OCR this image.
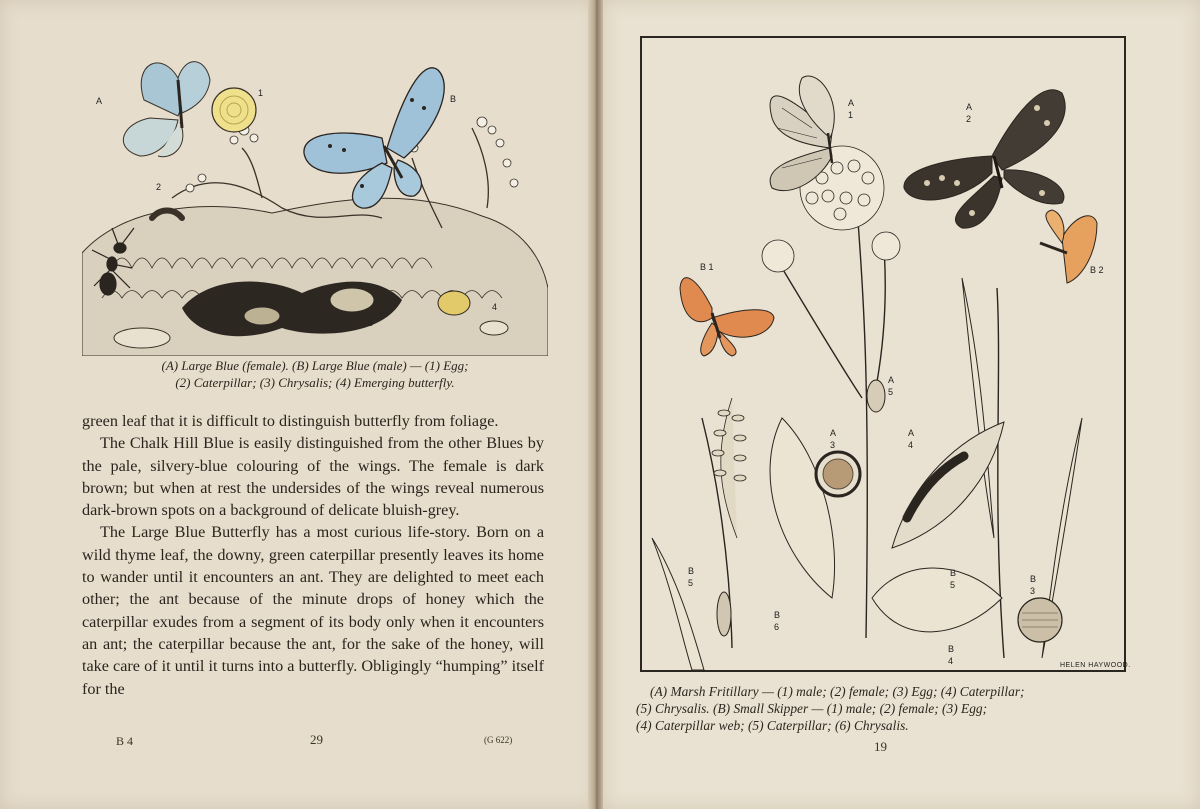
A
1
B
2
3
4
(A) Large Blue (female). (B) Large Blue (male) — (1) Egg;
(2) Caterpillar; (3) Chrysalis; (4) Emerging butterfly.

green leaf that it is difficult to distinguish butterfly from foliage.

The Chalk Hill Blue is easily distinguished from the other Blues by the pale, silvery-blue colouring of the wings. The female is dark brown; but when at rest the undersides of the wings reveal numerous dark-brown spots on a background of delicate bluish-grey.

The Large Blue Butterfly has a most curious life-story. Born on a wild thyme leaf, the downy, green caterpillar presently leaves its home to wander until it encounters an ant. They are delighted to meet each other; the ant because of the minute drops of honey which the caterpillar exudes from a segment of its body only when it encounters an ant; the caterpillar because the ant, for the sake of the honey, will take care of it until it turns into a butterfly. Obligingly “humping” itself for the

B 4	29	(G 622)
A
1
A
2
B 1	B 2
A
5
A
3
A
4
B
5
B
6
B
5
B
3
B
4	HELEN HAYWOOD.
(A) Marsh Fritillary — (1) male; (2) female; (3) Egg; (4) Caterpillar;
(5) Chrysalis. (B) Small Skipper — (1) male; (2) female; (3) Egg;
(4) Caterpillar web; (5) Caterpillar; (6) Chrysalis.
19
